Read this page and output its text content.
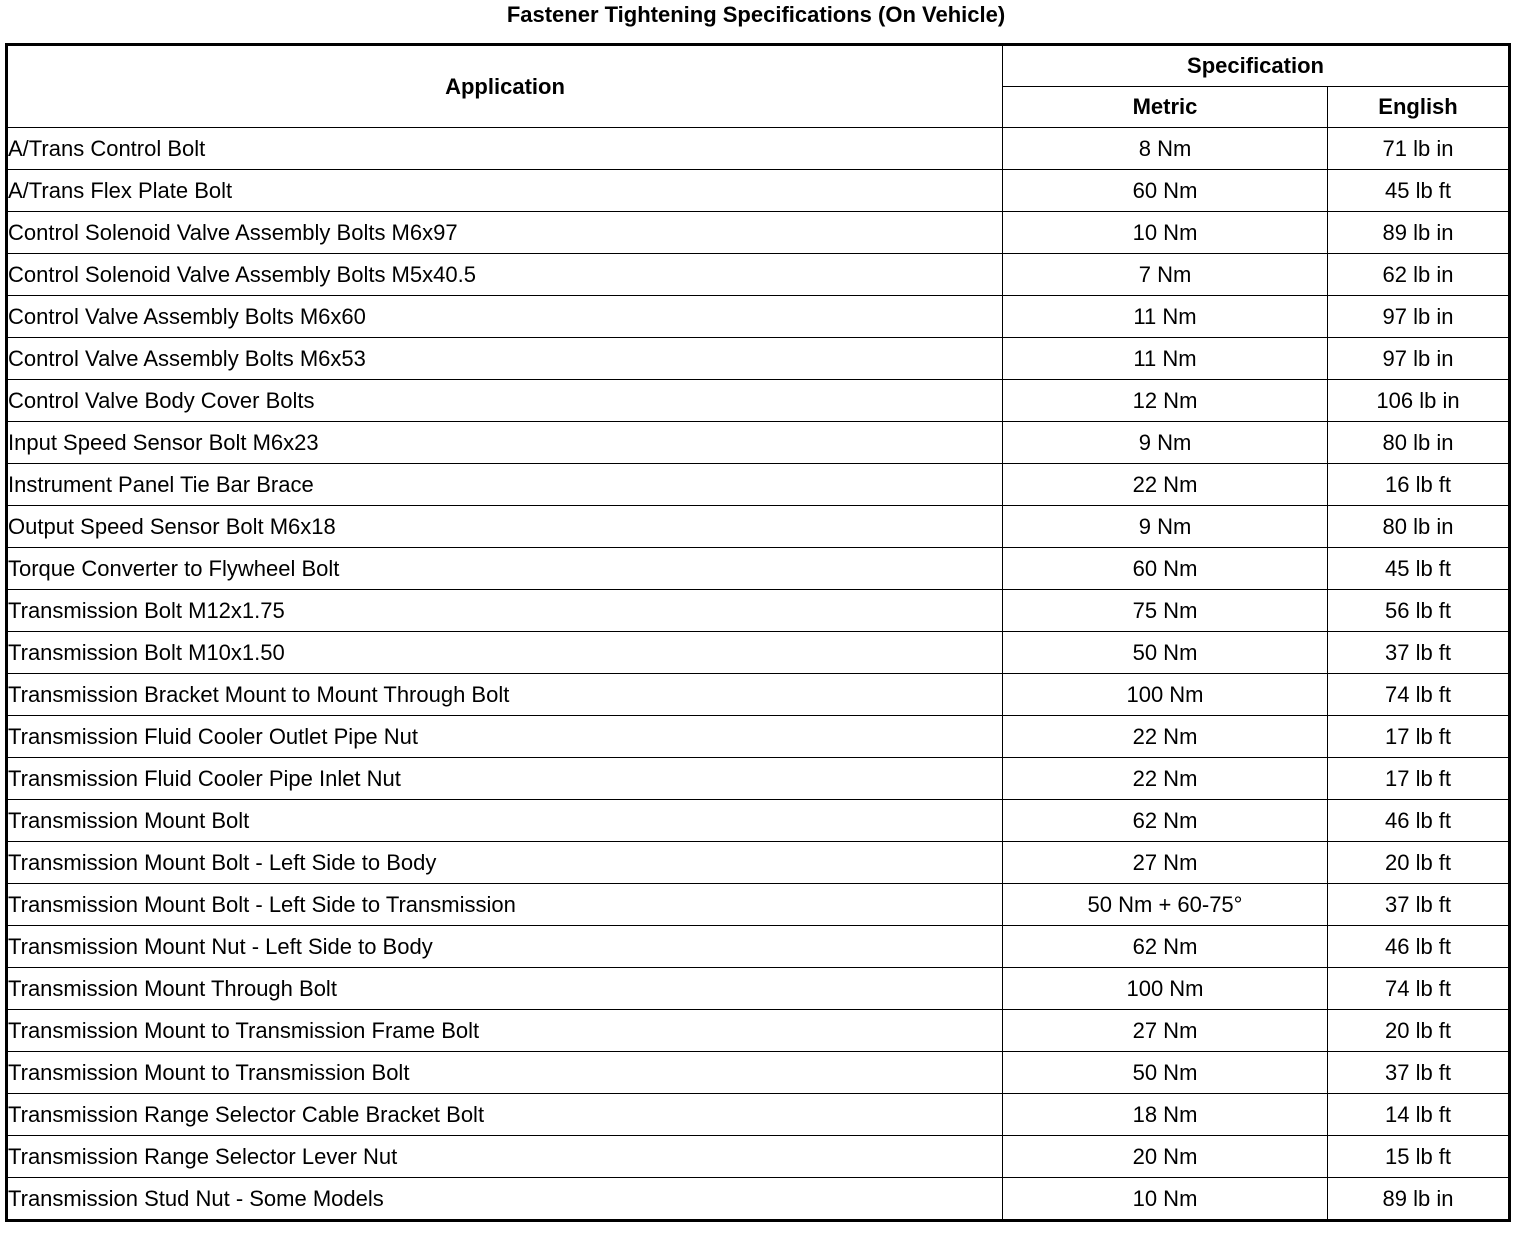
Fastener Tightening Specifications (On Vehicle)
Application	Specification	
	Metric	English
A/Trans Control Bolt	8 Nm	71 lb in
A/Trans Flex Plate Bolt	60 Nm	45 lb ft
Control Solenoid Valve Assembly Bolts M6x97	10 Nm	89 lb in
Control Solenoid Valve Assembly Bolts M5x40.5	7 Nm	62 lb in
Control Valve Assembly Bolts M6x60	11 Nm	97 lb in
Control Valve Assembly Bolts M6x53	11 Nm	97 lb in
Control Valve Body Cover Bolts	12 Nm	106 lb in
Input Speed Sensor Bolt M6x23	9 Nm	80 lb in
Instrument Panel Tie Bar Brace	22 Nm	16 lb ft
Output Speed Sensor Bolt M6x18	9 Nm	80 lb in
Torque Converter to Flywheel Bolt	60 Nm	45 lb ft
Transmission Bolt M12x1.75	75 Nm	56 lb ft
Transmission Bolt M10x1.50	50 Nm	37 lb ft
Transmission Bracket Mount to Mount Through Bolt	100 Nm	74 lb ft
Transmission Fluid Cooler Outlet Pipe Nut	22 Nm	17 lb ft
Transmission Fluid Cooler Pipe Inlet Nut	22 Nm	17 lb ft
Transmission Mount Bolt	62 Nm	46 lb ft
Transmission Mount Bolt - Left Side to Body	27 Nm	20 lb ft
Transmission Mount Bolt - Left Side to Transmission	50 Nm + 60-75°	37 lb ft
Transmission Mount Nut - Left Side to Body	62 Nm	46 lb ft
Transmission Mount Through Bolt	100 Nm	74 lb ft
Transmission Mount to Transmission Frame Bolt	27 Nm	20 lb ft
Transmission Mount to Transmission Bolt	50 Nm	37 lb ft
Transmission Range Selector Cable Bracket Bolt	18 Nm	14 lb ft
Transmission Range Selector Lever Nut	20 Nm	15 lb ft
Transmission Stud Nut - Some Models	10 Nm	89 lb in
